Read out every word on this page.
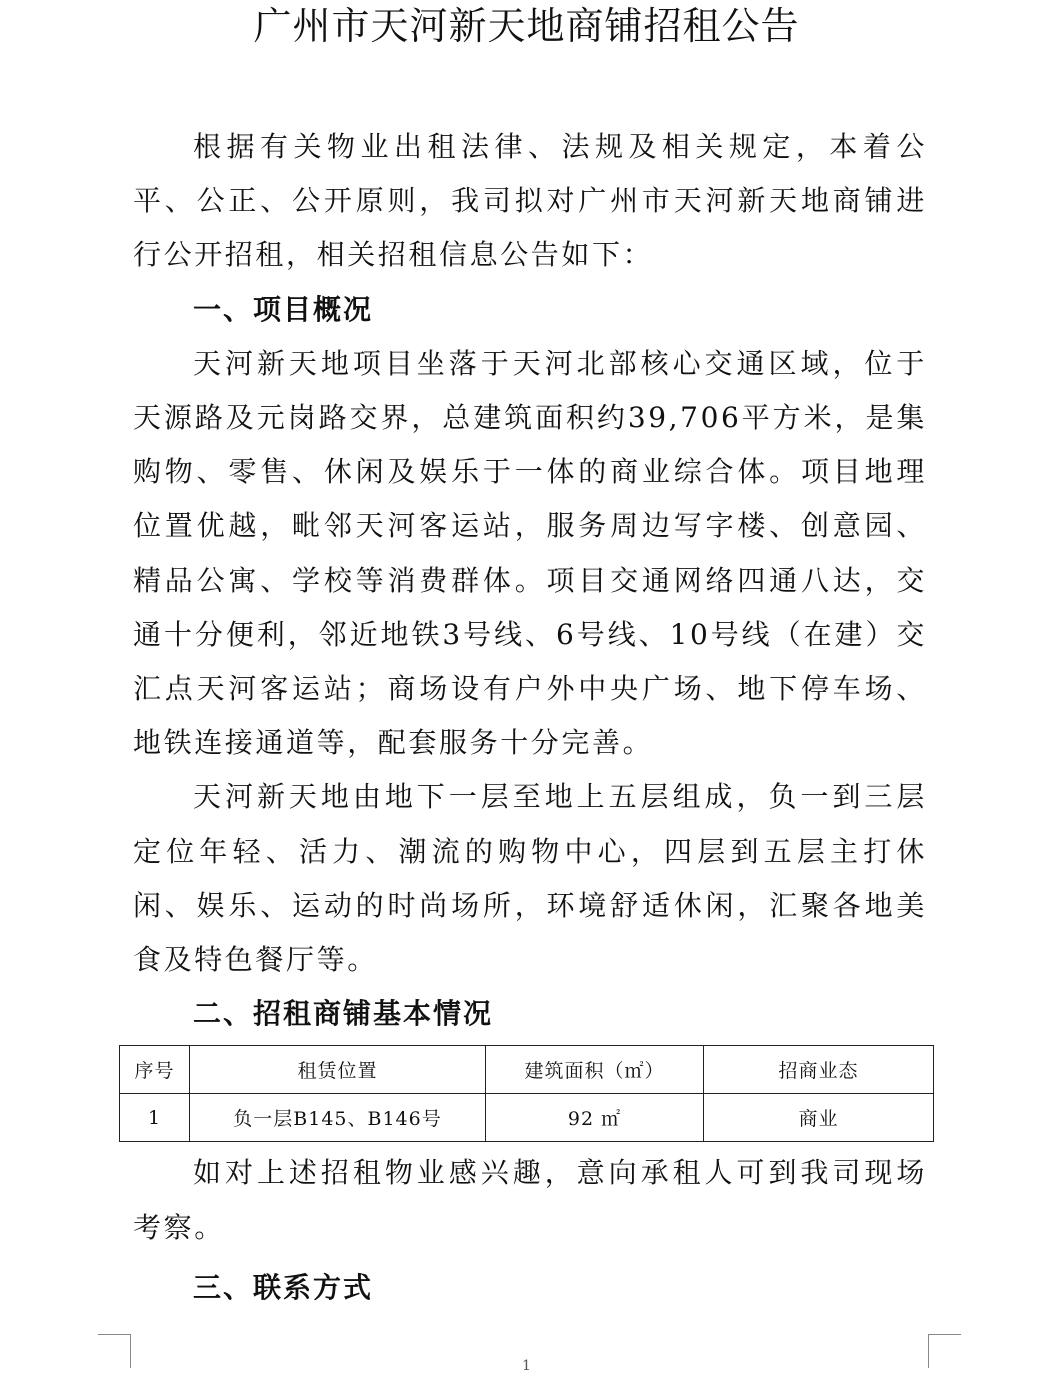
广州市天河新天地商铺招租公告

根据有关物业出租法律、法规及相关规定，本着公平、公正、公开原则，我司拟对广州市天河新天地商铺进行公开招租，相关招租信息公告如下：

一、项目概况

天河新天地项目坐落于天河北部核心交通区域，位于天源路及元岗路交界，总建筑面积约39,706平方米，是集购物、零售、休闲及娱乐于一体的商业综合体。项目地理位置优越，毗邻天河客运站，服务周边写字楼、创意园、精品公寓、学校等消费群体。项目交通网络四通八达，交通十分便利，邻近地铁3号线、6号线、10号线（在建）交汇点天河客运站；商场设有户外中央广场、地下停车场、地铁连接通道等，配套服务十分完善。

天河新天地由地下一层至地上五层组成，负一到三层定位年轻、活力、潮流的购物中心，四层到五层主打休闲、娱乐、运动的时尚场所，环境舒适休闲，汇聚各地美食及特色餐厅等。

二、招租商铺基本情况

序号	租赁位置	建筑面积（㎡）	招商业态
1	负一层B145、B146号	92 ㎡	商业

如对上述招租物业感兴趣，意向承租人可到我司现场考察。

三、联系方式

1
